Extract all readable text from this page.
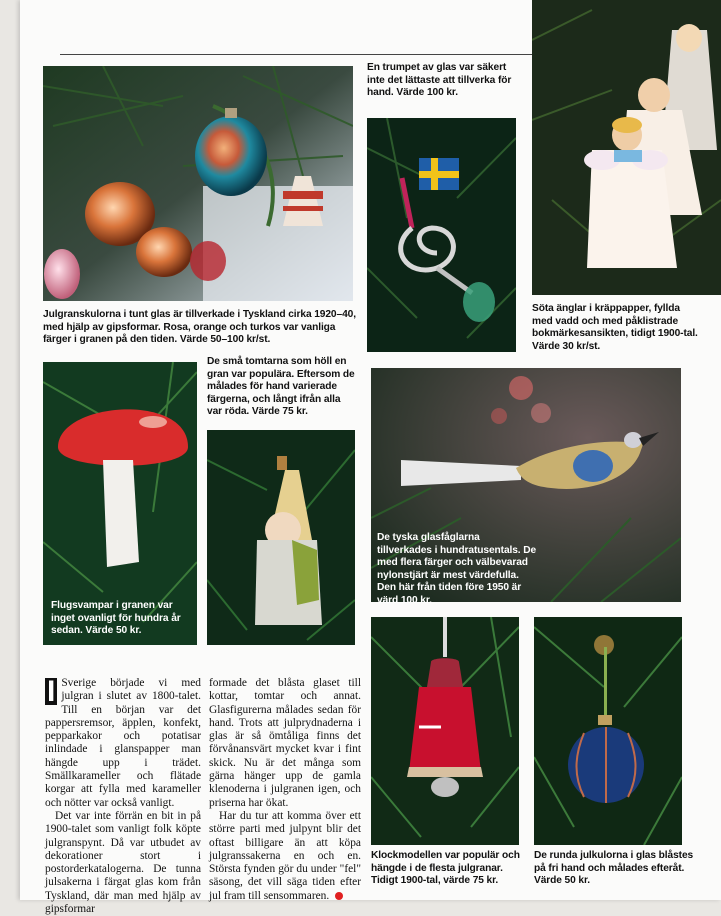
Julgranskulorna i tunt glas är tillverkade i Tyskland cirka 1920–40, med hjälp av gipsformar. Rosa, orange och turkos var vanliga färger i granen på den tiden. Värde 50–100 kr/st.
En trumpet av glas var säkert inte det lättaste att tillverka för hand. Värde 100 kr.
Söta änglar i kräppapper, fyllda med vadd och med påklistrade bokmärkesansikten, tidigt 1900-tal. Värde 30 kr/st.
Flugsvampar i granen var inget ovanligt för hundra år sedan. Värde 50 kr.
De små tomtarna som höll en gran var populära. Eftersom de målades för hand varierade färgerna, och långt ifrån alla var röda. Värde 75 kr.
De tyska glasfåglarna tillverkades i hundratusentals. De med flera färger och välbevarad nylonstjärt är mest värdefulla. Den här från tiden före 1950 är värd 100 kr.

I Sverige började vi med julgran i slutet av 1800-talet. Till en början var det pappersremsor, äpplen, konfekt, pepparkakor och potatisar inlindade i glanspapper man hängde upp i trädet. Smällkarameller och flätade korgar att fylla med karameller och nötter var också vanligt.

Det var inte förrän en bit in på 1900-talet som vanligt folk köpte julgranspynt. Då var utbudet av dekorationer stort i postorderkatalogerna. De tunna julsakerna i färgat glas kom från Tyskland, där man med hjälp av gipsformar

formade det blåsta glaset till kottar, tomtar och annat. Glasfigurerna målades sedan för hand. Trots att julprydnaderna i glas är så ömtåliga finns det förvånansvärt mycket kvar i fint skick. Nu är det många som gärna hänger upp de gamla klenoderna i julgranen igen, och priserna har ökat.

Har du tur att komma över ett större parti med julpynt blir det oftast billigare än att köpa julgranssakerna en och en. Största fynden gör du under "fel" säsong, det vill säga tiden efter jul fram till sensommaren.

Klockmodellen var populär och hängde i de flesta julgranar. Tidigt 1900-tal, värde 75 kr.
De runda julkulorna i glas blåstes på fri hand och målades efteråt. Värde 50 kr.
